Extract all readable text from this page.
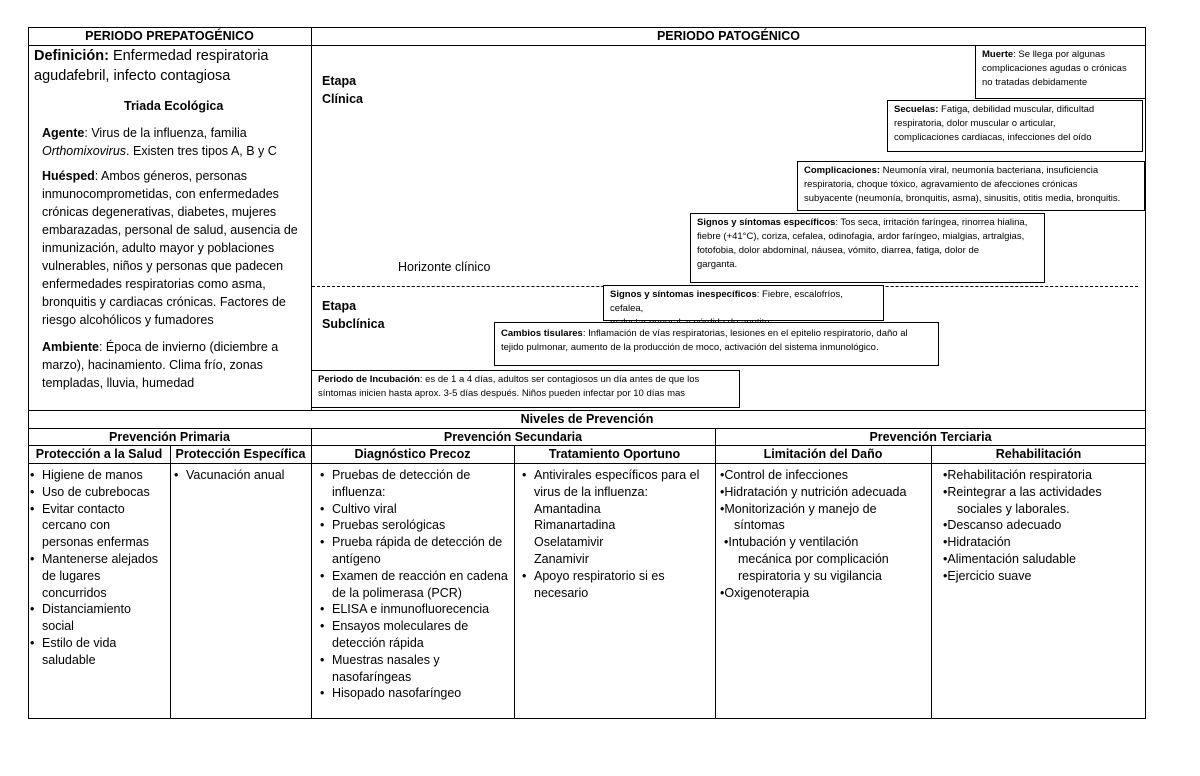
PERIODO PREPATOGÉNICO	PERIODO PATOGÉNICO
Definición: Enfermedad respiratoria aguda febril, infecto contagiosa
Triada Ecológica
Agente: Virus de la influenza, familia
Orthomixovirus. Existen tres tipos A, B y C
Huésped: Ambos géneros, personas
inmunocomprometidas, con enfermedades
crónicas degenerativas, diabetes, mujeres
embarazadas, personal de salud, ausencia de
inmunización, adulto mayor y poblaciones
vulnerables, niños y personas que padecen
enfermedades respiratorias como asma,
bronquitis y cardiacas crónicas. Factores de
riesgo alcohólicos y fumadores
Ambiente: Época de invierno (diciembre a
marzo), hacinamiento. Clima frío, zonas
templadas, lluvia, humedad
Etapa
Clínica
Etapa
Subclínica
Horizonte clínico
Muerte: Se llega por algunas
complicaciones agudas o crónicas
no tratadas debidamente
Secuelas: Fatiga, debilidad muscular, dificultad
respiratoria, dolor muscular o articular,
complicaciones cardiacas, infecciones del oído
Complicaciones: Neumonía viral, neumonía bacteriana, insuficiencia
respiratoria, choque tóxico, agravamiento de afecciones crónicas
subyacente (neumonía, bronquitis, asma), sinusitis, otitis media, bronquitis.
Signos y síntomas específicos: Tos seca, irritación faríngea, rinorrea hialina,
fiebre (+41°C), coriza, cefalea, odinofagia, ardor faríngeo, mialgias, artralgias,
fotofobia, dolor abdominal, náusea, vómito, diarrea, fatiga, dolor de
garganta.
Signos y síntomas inespecíficos: Fiebre, escalofríos, cefalea,
Cambios tisulares: Inflamación de vías respiratorias, lesiones en el epitelio respiratorio, daño al
tejido pulmonar, aumento de la producción de moco, activación del sistema inmunológico.
Periodo de Incubación: es de 1 a 4 días, adultos ser contagiosos un día antes de que los
síntomas inicien hasta aprox. 3-5 días después. Niños pueden infectar por 10 días mas
Niveles de Prevención
Prevención Primaria	Prevención Secundaria	Prevención Terciaria
Protección a la Salud	Protección Específica	Diagnóstico Precoz	Tratamiento Oportuno	Limitación del Daño	Rehabilitación
• Higiene de manos
• Uso de cubrebocas
• Evitar contacto
cercano con
personas enfermas
• Mantenerse alejados
de lugares
concurridos
• Distanciamiento
social
• Estilo de vida
saludable
• Vacunación anual
•	Pruebas de detección de
influenza:
• Cultivo viral
• Pruebas serológicas
• Prueba rápida de detección de
antígeno
• Examen de reacción en cadena
de la polimerasa (PCR)
• ELISA e inmunofluorecencia
• Ensayos moleculares de
detección rápida
• Muestras nasales y
nasofaríngeas
• Hisopado nasofaríngeo
• Antivirales específicos para el
virus de la influenza:
Amantadina
Rimanartadina
Oselatamivir
Zanamivir
• Apoyo respiratorio si es
necesario
•Control de infecciones
•Hidratación y nutrición adecuada
•Monitorización y manejo de
síntomas
•Intubación y ventilación
mecánica por complicación
respiratoria y su vigilancia
•Oxigenoterapia
•Rehabilitación respiratoria
•Reintegrar a las actividades
sociales y laborales.
•Descanso adecuado
•Hidratación
•Alimentación saludable
•Ejercicio suave
